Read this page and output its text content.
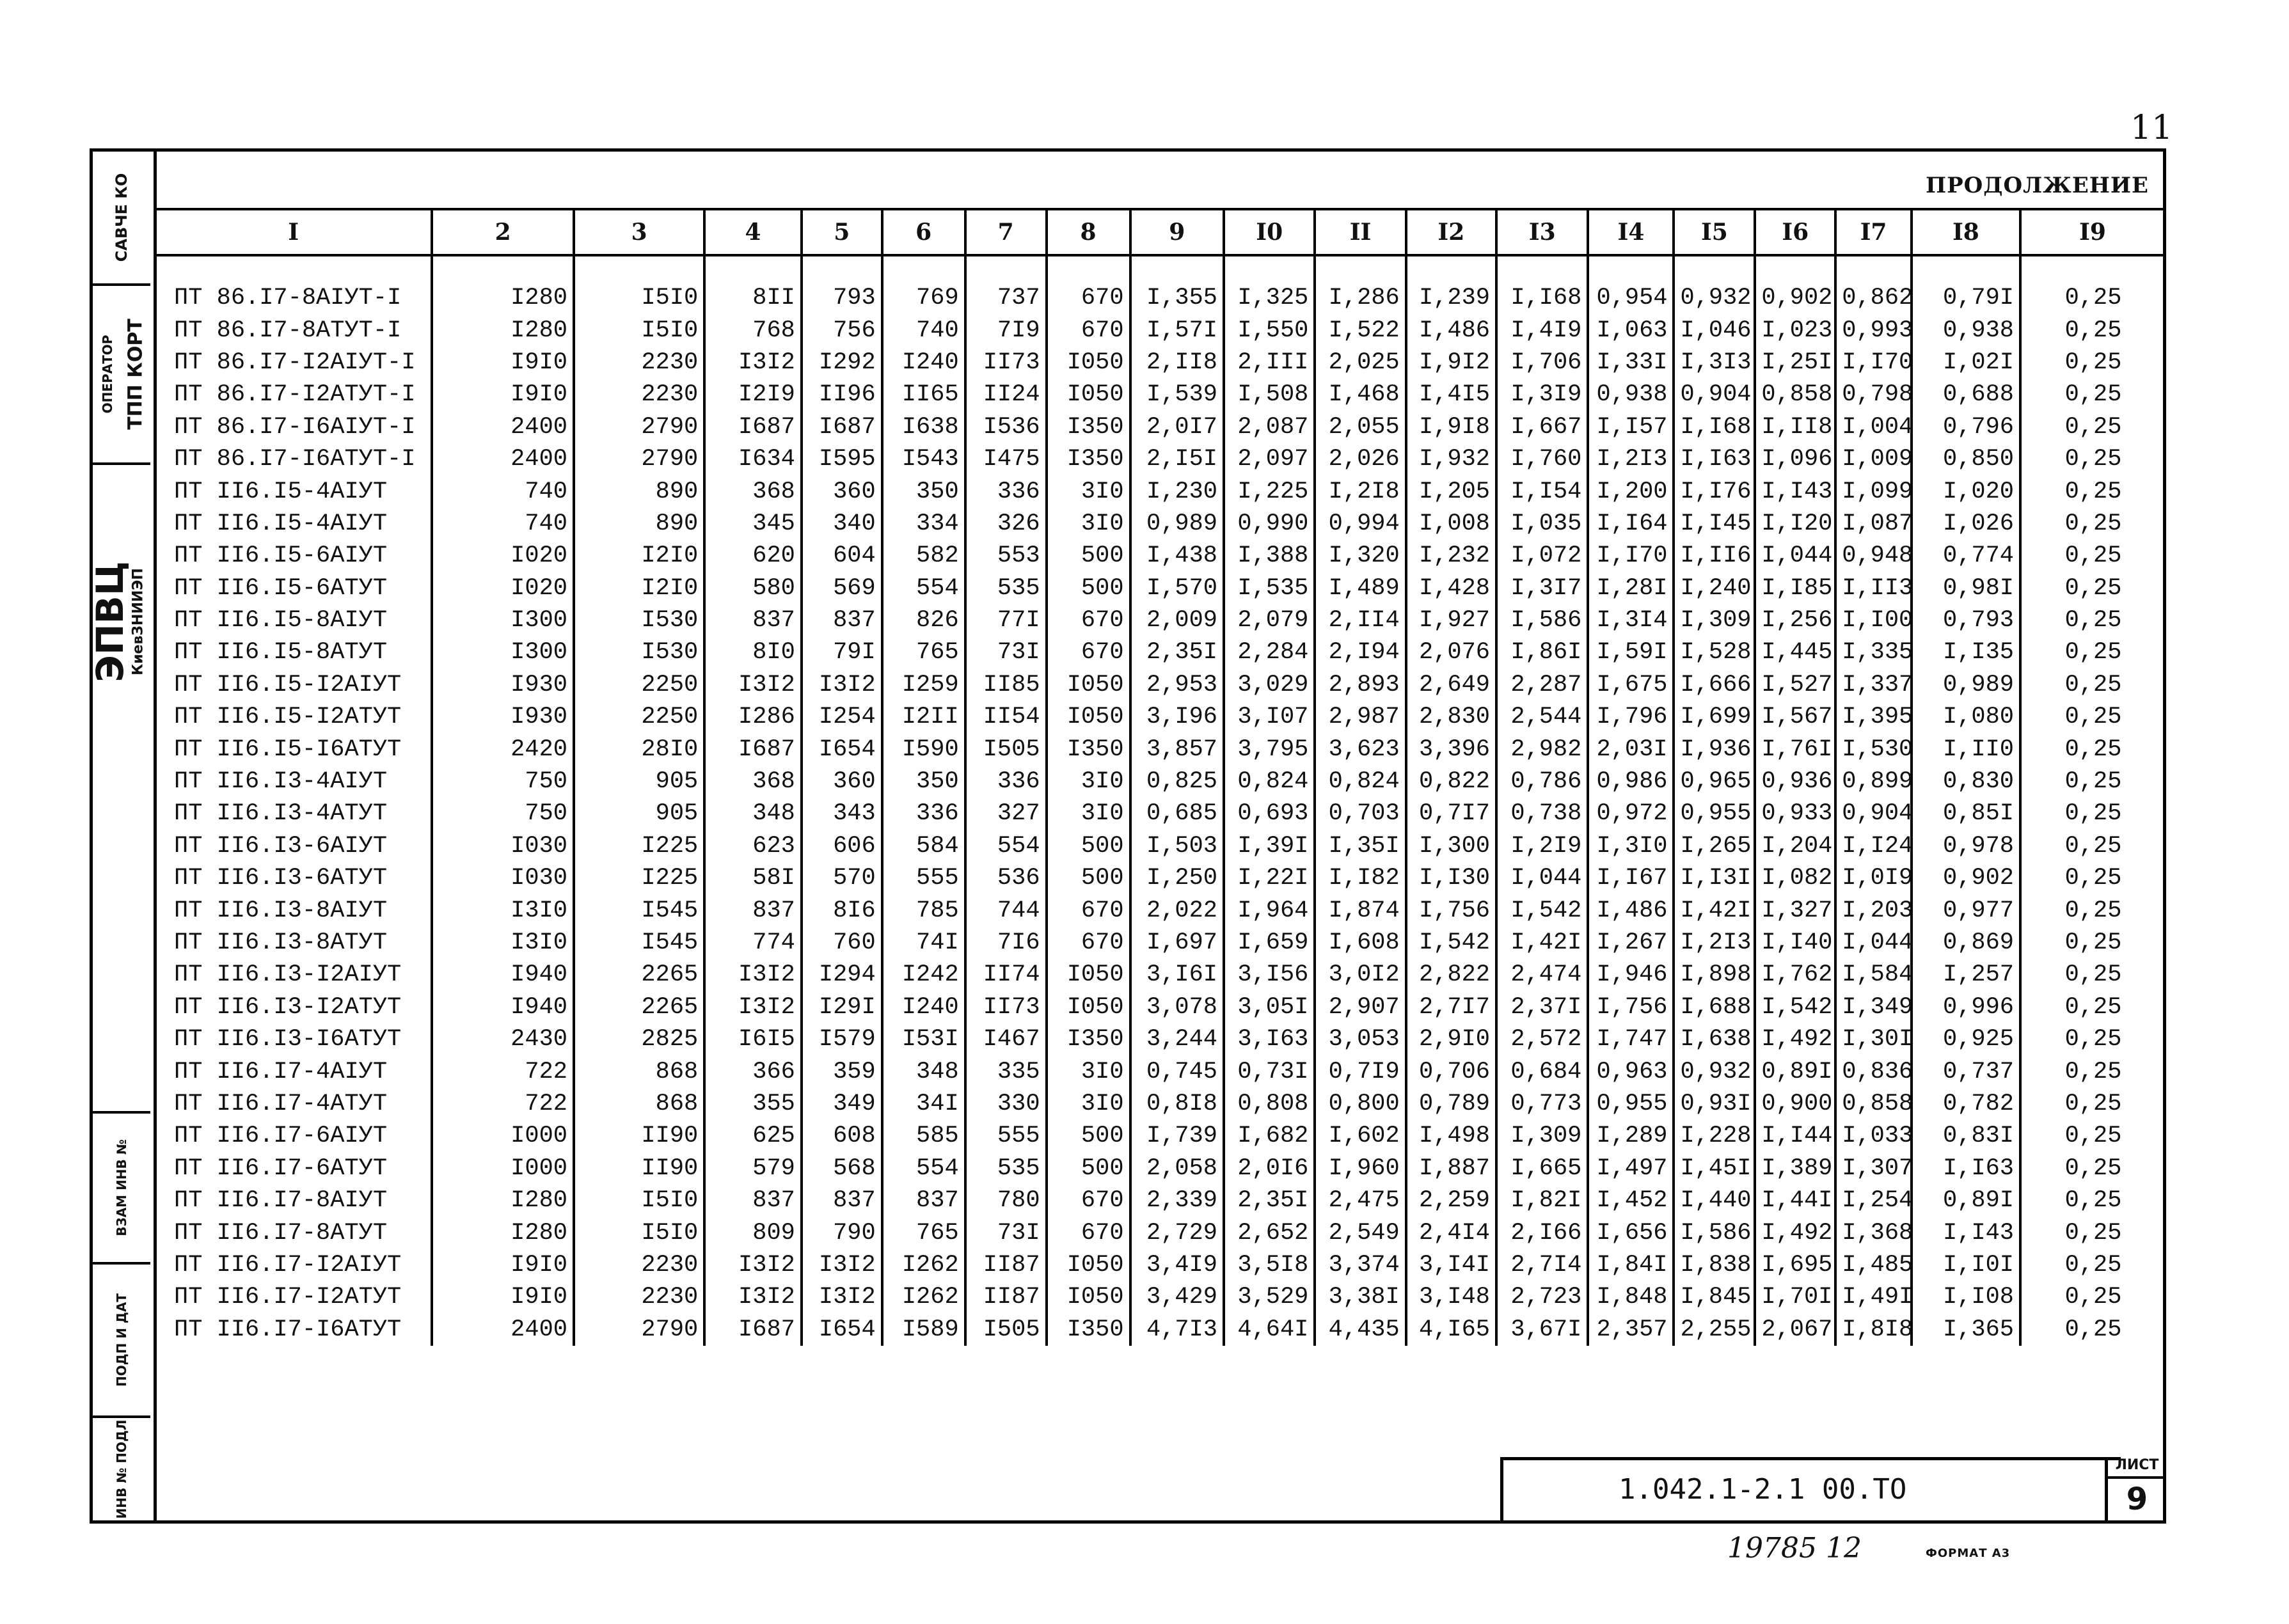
11
САВЧЕ КО
ОПЕРАТОР ТПП КОРТ
ЭПВЦ
КиевЗНИИЭП
ВЗАМ ИНВ №
ПОДП И ДАТ
ИНВ № ПОДЛ
ПРОДОЛЖЕНИЕ
I	2	3	4	5	6	7	8	9	I0	II	I2	I3	I4	I5	I6	I7	I8	I9

ПТ 86.I7-8АIУТ-I	I280	I5I0	8II	793	769	737	670	I,355	I,325	I,286	I,239	I,I68	0,954	0,932	0,902	0,862	0,79I	0,25
ПТ 86.I7-8АТУТ-I	I280	I5I0	768	756	740	7I9	670	I,57I	I,550	I,522	I,486	I,4I9	I,063	I,046	I,023	0,993	0,938	0,25
ПТ 86.I7-I2АIУТ-I	I9I0	2230	I3I2	I292	I240	II73	I050	2,II8	2,III	2,025	I,9I2	I,706	I,33I	I,3I3	I,25I	I,I70	I,02I	0,25
ПТ 86.I7-I2АТУТ-I	I9I0	2230	I2I9	II96	II65	II24	I050	I,539	I,508	I,468	I,4I5	I,3I9	0,938	0,904	0,858	0,798	0,688	0,25
ПТ 86.I7-I6АIУТ-I	2400	2790	I687	I687	I638	I536	I350	2,0I7	2,087	2,055	I,9I8	I,667	I,I57	I,I68	I,II8	I,004	0,796	0,25
ПТ 86.I7-I6АТУТ-I	2400	2790	I634	I595	I543	I475	I350	2,I5I	2,097	2,026	I,932	I,760	I,2I3	I,I63	I,096	I,009	0,850	0,25
ПТ II6.I5-4АIУТ	740	890	368	360	350	336	3I0	I,230	I,225	I,2I8	I,205	I,I54	I,200	I,I76	I,I43	I,099	I,020	0,25
ПТ II6.I5-4АIУТ	740	890	345	340	334	326	3I0	0,989	0,990	0,994	I,008	I,035	I,I64	I,I45	I,I20	I,087	I,026	0,25
ПТ II6.I5-6АIУТ	I020	I2I0	620	604	582	553	500	I,438	I,388	I,320	I,232	I,072	I,I70	I,II6	I,044	0,948	0,774	0,25
ПТ II6.I5-6АТУТ	I020	I2I0	580	569	554	535	500	I,570	I,535	I,489	I,428	I,3I7	I,28I	I,240	I,I85	I,II3	0,98I	0,25
ПТ II6.I5-8АIУТ	I300	I530	837	837	826	77I	670	2,009	2,079	2,II4	I,927	I,586	I,3I4	I,309	I,256	I,I00	0,793	0,25
ПТ II6.I5-8АТУТ	I300	I530	8I0	79I	765	73I	670	2,35I	2,284	2,I94	2,076	I,86I	I,59I	I,528	I,445	I,335	I,I35	0,25
ПТ II6.I5-I2АIУТ	I930	2250	I3I2	I3I2	I259	II85	I050	2,953	3,029	2,893	2,649	2,287	I,675	I,666	I,527	I,337	0,989	0,25
ПТ II6.I5-I2АТУТ	I930	2250	I286	I254	I2II	II54	I050	3,I96	3,I07	2,987	2,830	2,544	I,796	I,699	I,567	I,395	I,080	0,25
ПТ II6.I5-I6АТУТ	2420	28I0	I687	I654	I590	I505	I350	3,857	3,795	3,623	3,396	2,982	2,03I	I,936	I,76I	I,530	I,II0	0,25
ПТ II6.I3-4АIУТ	750	905	368	360	350	336	3I0	0,825	0,824	0,824	0,822	0,786	0,986	0,965	0,936	0,899	0,830	0,25
ПТ II6.I3-4АТУТ	750	905	348	343	336	327	3I0	0,685	0,693	0,703	0,7I7	0,738	0,972	0,955	0,933	0,904	0,85I	0,25
ПТ II6.I3-6АIУТ	I030	I225	623	606	584	554	500	I,503	I,39I	I,35I	I,300	I,2I9	I,3I0	I,265	I,204	I,I24	0,978	0,25
ПТ II6.I3-6АТУТ	I030	I225	58I	570	555	536	500	I,250	I,22I	I,I82	I,I30	I,044	I,I67	I,I3I	I,082	I,0I9	0,902	0,25
ПТ II6.I3-8АIУТ	I3I0	I545	837	8I6	785	744	670	2,022	I,964	I,874	I,756	I,542	I,486	I,42I	I,327	I,203	0,977	0,25
ПТ II6.I3-8АТУТ	I3I0	I545	774	760	74I	7I6	670	I,697	I,659	I,608	I,542	I,42I	I,267	I,2I3	I,I40	I,044	0,869	0,25
ПТ II6.I3-I2АIУТ	I940	2265	I3I2	I294	I242	II74	I050	3,I6I	3,I56	3,0I2	2,822	2,474	I,946	I,898	I,762	I,584	I,257	0,25
ПТ II6.I3-I2АТУТ	I940	2265	I3I2	I29I	I240	II73	I050	3,078	3,05I	2,907	2,7I7	2,37I	I,756	I,688	I,542	I,349	0,996	0,25
ПТ II6.I3-I6АТУТ	2430	2825	I6I5	I579	I53I	I467	I350	3,244	3,I63	3,053	2,9I0	2,572	I,747	I,638	I,492	I,30I	0,925	0,25
ПТ II6.I7-4АIУТ	722	868	366	359	348	335	3I0	0,745	0,73I	0,7I9	0,706	0,684	0,963	0,932	0,89I	0,836	0,737	0,25
ПТ II6.I7-4АТУТ	722	868	355	349	34I	330	3I0	0,8I8	0,808	0,800	0,789	0,773	0,955	0,93I	0,900	0,858	0,782	0,25
ПТ II6.I7-6АIУТ	I000	II90	625	608	585	555	500	I,739	I,682	I,602	I,498	I,309	I,289	I,228	I,I44	I,033	0,83I	0,25
ПТ II6.I7-6АТУТ	I000	II90	579	568	554	535	500	2,058	2,0I6	I,960	I,887	I,665	I,497	I,45I	I,389	I,307	I,I63	0,25
ПТ II6.I7-8АIУТ	I280	I5I0	837	837	837	780	670	2,339	2,35I	2,475	2,259	I,82I	I,452	I,440	I,44I	I,254	0,89I	0,25
ПТ II6.I7-8АТУТ	I280	I5I0	809	790	765	73I	670	2,729	2,652	2,549	2,4I4	2,I66	I,656	I,586	I,492	I,368	I,I43	0,25
ПТ II6.I7-I2АIУТ	I9I0	2230	I3I2	I3I2	I262	II87	I050	3,4I9	3,5I8	3,374	3,I4I	2,7I4	I,84I	I,838	I,695	I,485	I,I0I	0,25
ПТ II6.I7-I2АТУТ	I9I0	2230	I3I2	I3I2	I262	II87	I050	3,429	3,529	3,38I	3,I48	2,723	I,848	I,845	I,70I	I,49I	I,I08	0,25
ПТ II6.I7-I6АТУТ	2400	2790	I687	I654	I589	I505	I350	4,7I3	4,64I	4,435	4,I65	3,67I	2,357	2,255	2,067	I,8I8	I,365	0,25
1.042.1-2.1 00.TO
ЛИСТ
9
19785 12	ФОРМАТ А3
